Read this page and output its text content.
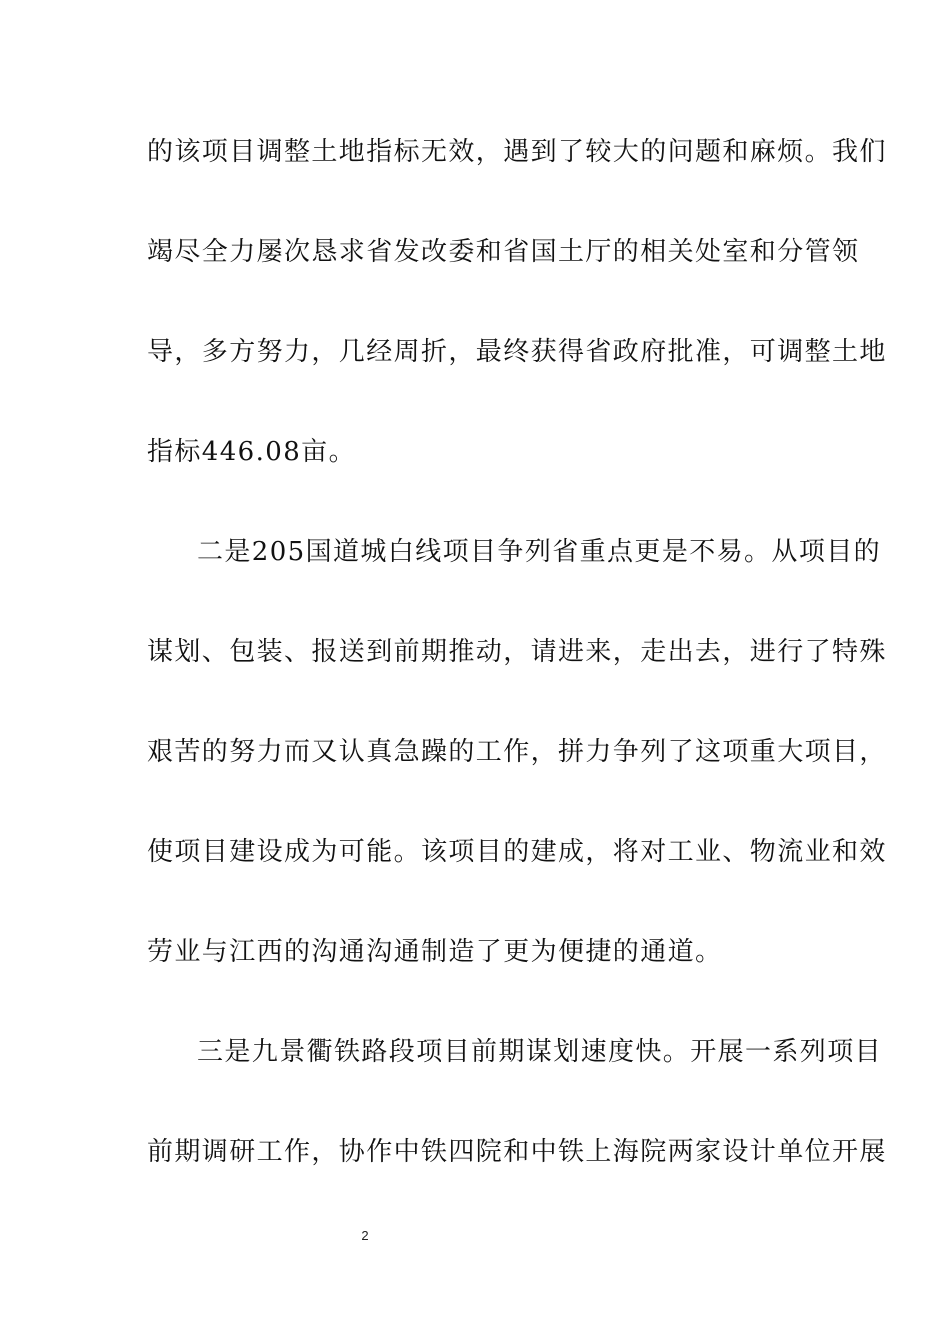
的该项目调整土地指标无效，遇到了较大的问题和麻烦。我们
竭尽全力屡次恳求省发改委和省国土厅的相关处室和分管领
导，多方努力，几经周折，最终获得省政府批准，可调整土地
指标446.08亩。
二是205国道城白线项目争列省重点更是不易。从项目的
谋划、包装、报送到前期推动，请进来，走出去，进行了特殊
艰苦的努力而又认真急躁的工作，拼力争列了这项重大项目，
使项目建设成为可能。该项目的建成，将对工业、物流业和效
劳业与江西的沟通沟通制造了更为便捷的通道。
三是九景衢铁路段项目前期谋划速度快。开展一系列项目
前期调研工作，协作中铁四院和中铁上海院两家设计单位开展
2
